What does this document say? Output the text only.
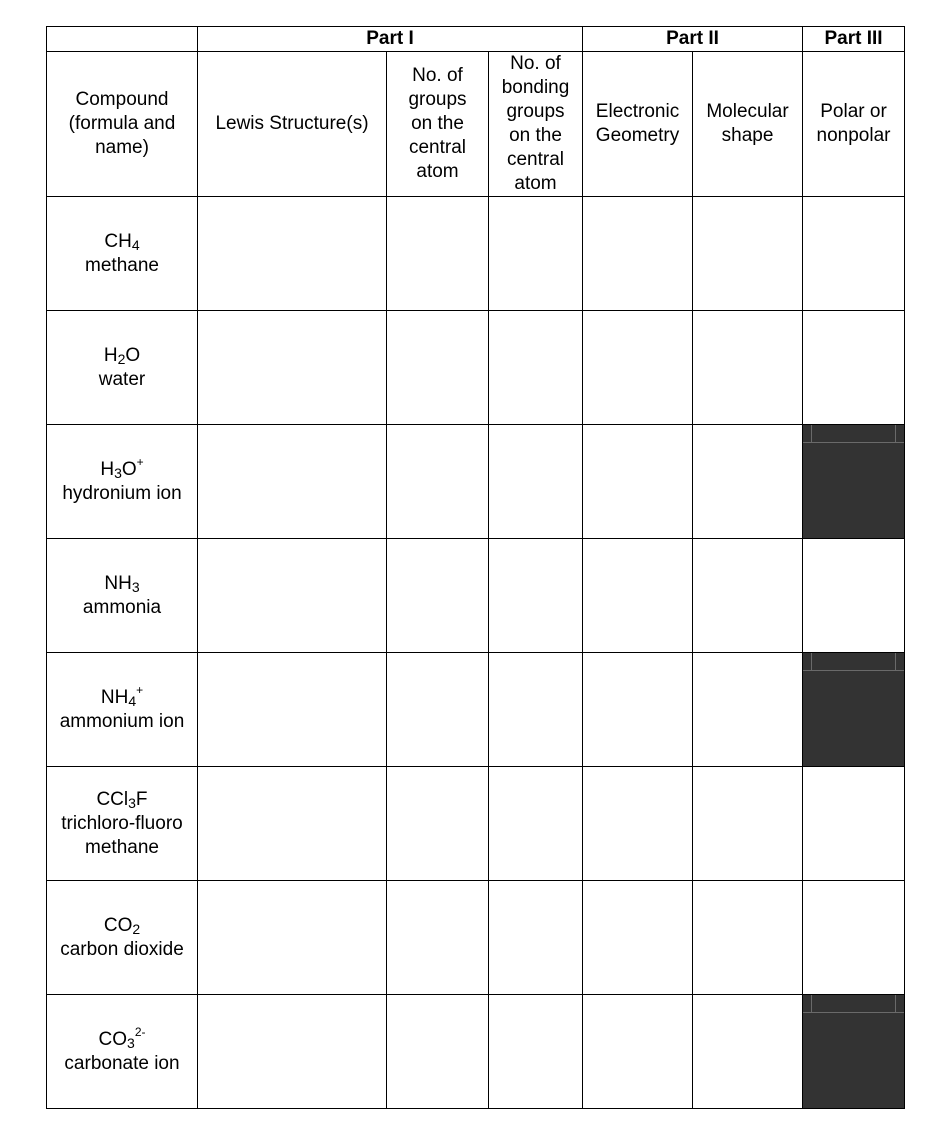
	Part I			Part II		Part III

Compound (formula and name)	Lewis Structure(s)	No. of groups on the central atom	No. of bonding groups on the central atom	Electronic Geometry	Molecular shape	Polar or nonpolar

$CH_4$
methane						

$H_2O$
water						

$H_3O^+$
hydronium ion						

$NH_3$
ammonia						

$NH_4^+$
ammonium ion						

CCl$_3$F
trichloro-fluoro methane						

$CO_2$
carbon dioxide						

$CO_3^{2-}$
carbonate ion						
